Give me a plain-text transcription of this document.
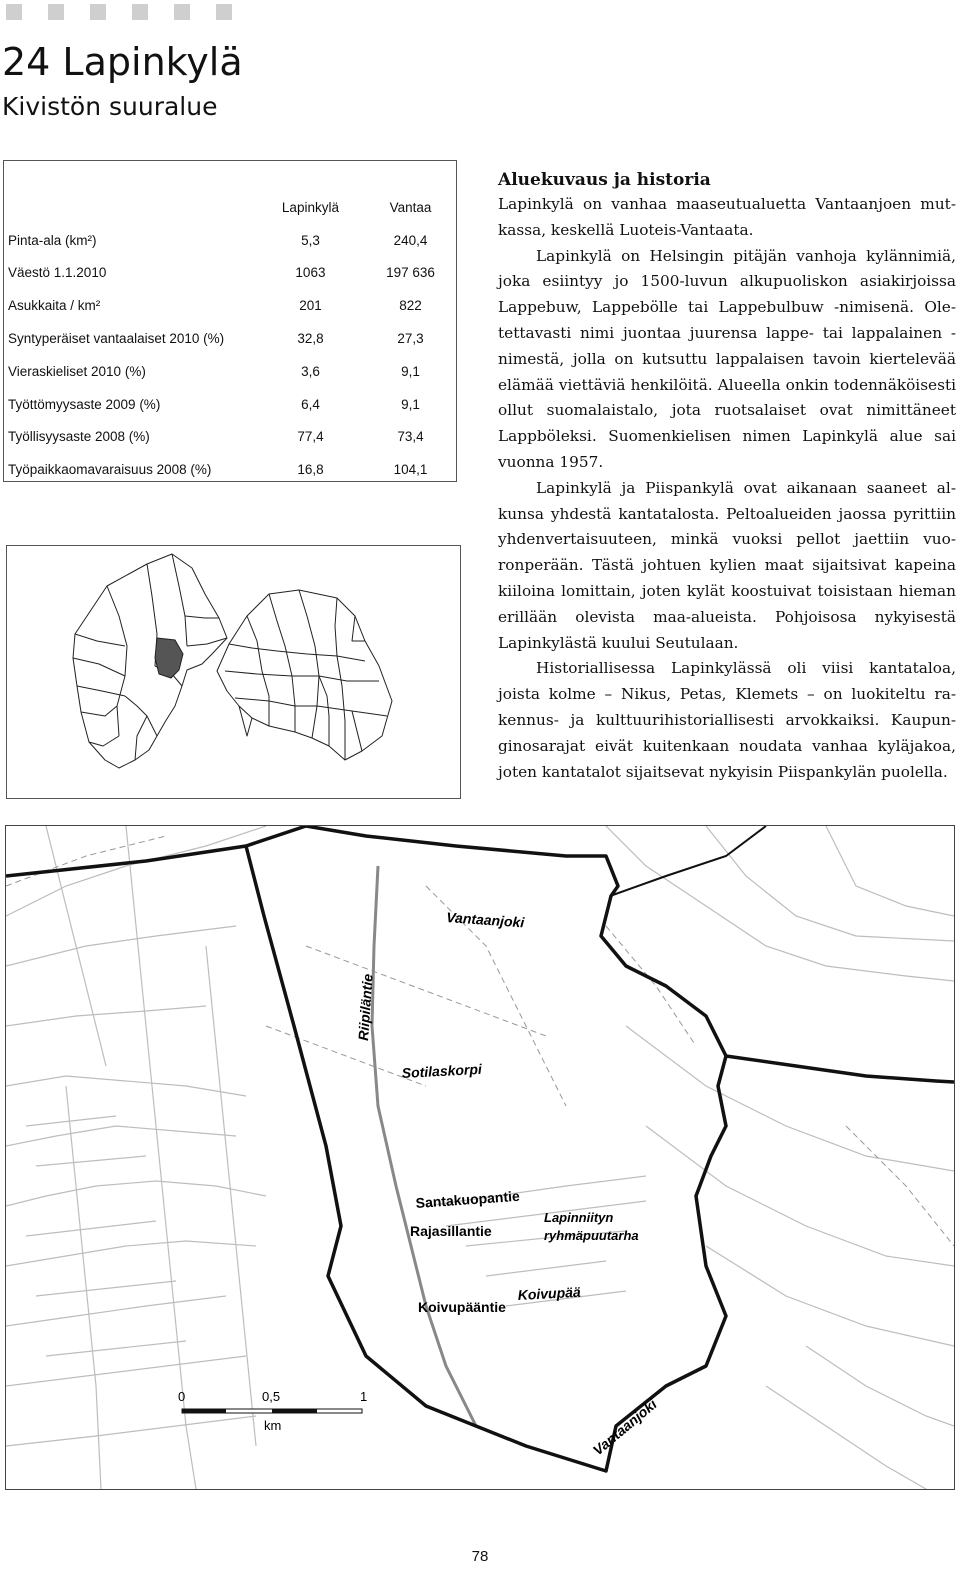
24 Lapinkylä
Kivistön suuralue
	Lapinkylä	Vantaa
Pinta-ala (km²)	5,3	240,4
Väestö 1.1.2010	1063	197 636
Asukkaita / km²	201	822
Syntyperäiset vantaalaiset 2010 (%)	32,8	27,3
Vieraskieliset 2010 (%)	3,6	9,1
Työttömyysaste 2009 (%)	6,4	9,1
Työllisyysaste 2008 (%)	77,4	73,4
Työpaikkaomavaraisuus 2008 (%)	16,8	104,1
Aluekuvaus ja historia

Lapinkylä on vanhaa maaseutualuetta Vantaanjoen mutkassa, keskellä Luoteis-Vantaata.

Lapinkylä on Helsingin pitäjän vanhoja kylännimiä, joka esiintyy jo 1500-luvun alkupuoliskon asiakirjoissa Lappebuw, Lappebölle tai Lappebulbuw -nimisenä. Oletettavasti nimi juontaa juurensa lappe- tai lappalainen -nimestä, jolla on kutsuttu lappalaisen tavoin kiertelevää elämää viettäviä henkilöitä. Alueella onkin todennäköisesti ollut suomalaistalo, jota ruotsalaiset ovat nimittäneet Lappböleksi. Suomenkielisen nimen Lapinkylä alue sai vuonna 1957.

Lapinkylä ja Piispankylä ovat aikanaan saaneet alkunsa yhdestä kantatalosta. Peltoalueiden jaossa pyrittiin yhdenvertaisuuteen, minkä vuoksi pellot jaettiin vuoronperään. Tästä johtuen kylien maat sijaitsivat kapeina kiiloina lomittain, joten kylät koostuivat toisistaan hieman erillään olevista maa-alueista. Pohjoisosa nykyisestä Lapinkylästä kuului Seutulaan.

Historiallisessa Lapinkylässä oli viisi kantataloa, joista kolme – Nikus, Petas, Klemets – on luokiteltu rakennus- ja kulttuurihistoriallisesti arvokkaiksi. Kaupunginosarajat eivät kuitenkaan noudata vanhaa kyläjakoa, joten kantatalot sijaitsevat nykyisin Piispankylän puolella.

Vantaanjoki
Riipiläntie
Sotilaskorpi
Santakuopantie
Rajasillantie
Lapinniityn
ryhmäpuutarha
Koivupää
Koivupääntie
Vantaanjoki
0	0,5	1
km
78
